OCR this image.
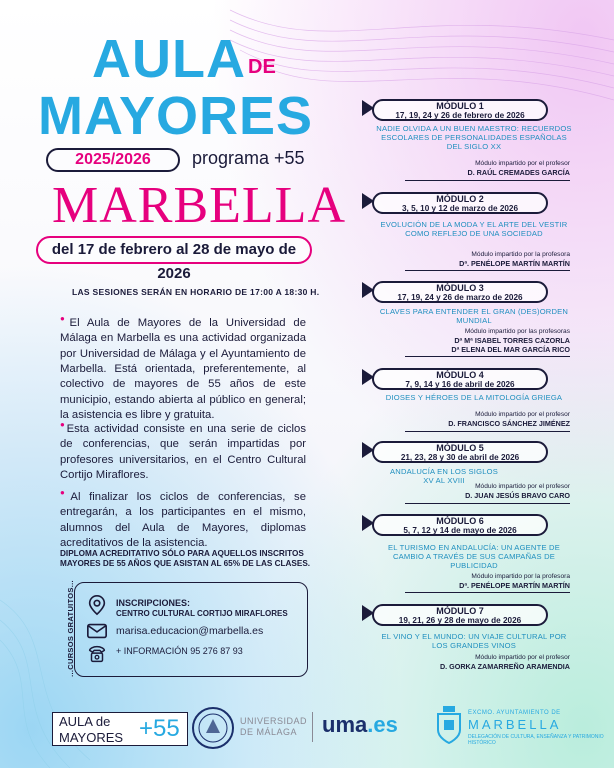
AULA DE
MAYORES
2025/2026	programa +55
MARBELLA
del 17 de febrero al 28 de mayo de 2026
LAS SESIONES SERÁN EN HORARIO DE 17:00 A 18:30 H.
●El Aula de Mayores de la Universidad de Málaga en Marbella es una actividad organizada por Universidad de Málaga y el Ayuntamiento de Marbella. Está orientada, preferentemente, al colectivo de mayores de 55 años de este municipio, estando abierta al público en general; la asistencia es libre y gratuita.
●Esta actividad consiste en una serie de ciclos de conferencias, que serán impartidas por profesores universitarios, en el Centro Cultural Cortijo Miraflores.
●Al finalizar los ciclos de conferencias, se entregarán, a los participantes en el mismo, alumnos del Aula de Mayores, diplomas acreditativos de la asistencia.
DIPLOMA ACREDITATIVO SÓLO PARA AQUELLOS INSCRITOS MAYORES DE 55 AÑOS QUE ASISTAN AL 65% DE LAS CLASES.
...CURSOS GRATUITOS...	INSCRIPCIONES:
CENTRO CULTURAL CORTIJO MIRAFLORES
marisa.educacion@marbella.es
+ INFORMACIÓN 95 276 87 93
MÓDULO 1
17, 19, 24 y 26 de febrero de 2026
NADIE OLVIDA A UN BUEN MAESTRO: RECUERDOS ESCOLARES DE PERSONALIDADES ESPAÑOLAS DEL SIGLO XX
Módulo impartido por el profesor
D. RAÚL CREMADES GARCÍA
MÓDULO 2
3, 5, 10 y 12 de marzo de 2026
EVOLUCIÓN DE LA MODA Y EL ARTE DEL VESTIR COMO REFLEJO DE UNA SOCIEDAD
Módulo impartido por la profesora
Dª. PENÉLOPE MARTÍN MARTÍN
MÓDULO 3
17, 19, 24 y 26 de marzo de 2026
CLAVES PARA ENTENDER EL GRAN (DES)ORDEN MUNDIAL
Módulo impartido por las profesoras
Dª Mª ISABEL TORRES CAZORLA
Dª ELENA DEL MAR GARCÍA RICO
MÓDULO 4
7, 9, 14 y 16 de abril de 2026
DIOSES Y HÉROES DE LA MITOLOGÍA GRIEGA
Módulo impartido por el profesor
D. FRANCISCO SÁNCHEZ JIMÉNEZ
MÓDULO 5
21, 23, 28 y 30 de abril de 2026
ANDALUCÍA EN LOS SIGLOS XV AL XVIII
Módulo impartido por el profesor
D. JUAN JESÚS BRAVO CARO
MÓDULO 6
5, 7, 12 y 14 de mayo de 2026
EL TURISMO EN ANDALUCÍA: UN AGENTE DE CAMBIO A TRAVÉS DE SUS CAMPAÑAS DE PUBLICIDAD
Módulo impartido por la profesora
Dª. PENÉLOPE MARTÍN MARTÍN
MÓDULO 7
19, 21, 26 y 28 de mayo de 2026
EL VINO Y EL MUNDO: UN VIAJE CULTURAL POR LOS GRANDES VINOS
Módulo impartido por el profesor
D. GORKA ZAMARREÑO ARAMENDIA
AULA de
MAYORES +55	UNIVERSIDAD
DE MÁLAGA	uma.es	EXCMO. AYUNTAMIENTO DE
MARBELLA
DELEGACIÓN DE CULTURA, ENSEÑANZA Y PATRIMONIO HISTÓRICO
